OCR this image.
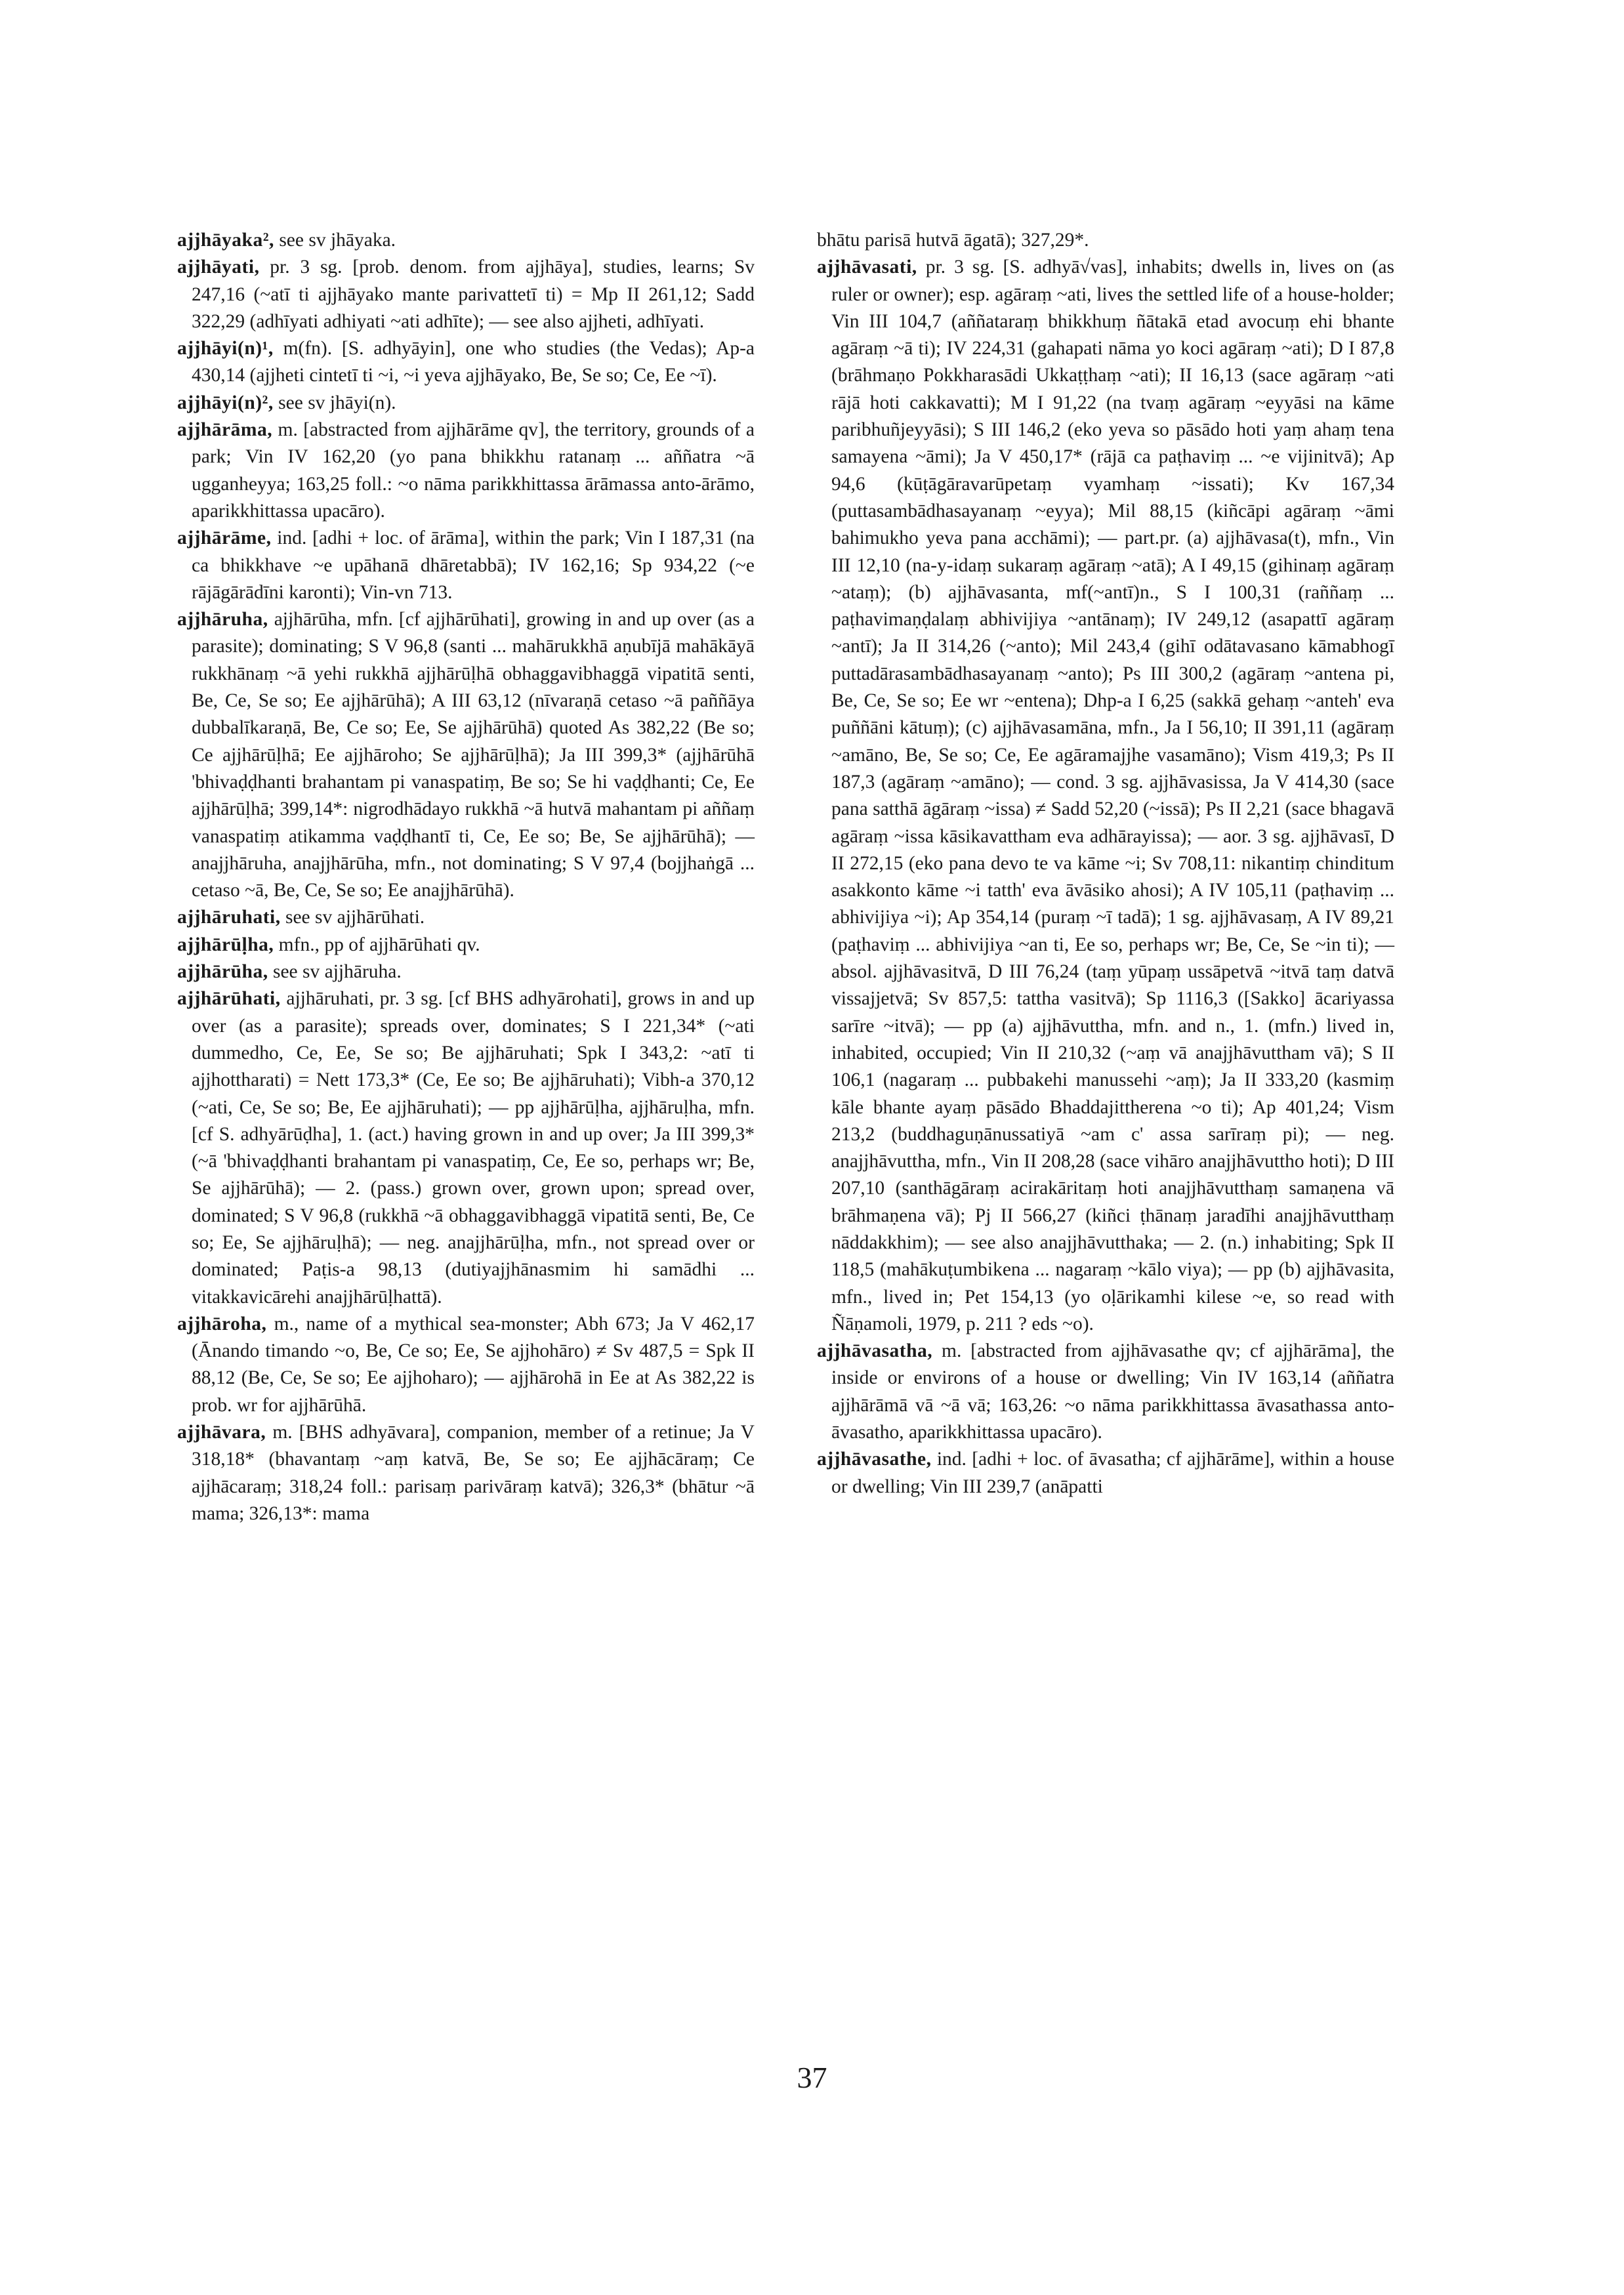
ajjhāyaka², see sv jhāyaka.

ajjhāyati, pr. 3 sg. [prob. denom. from ajjhāya], studies, learns; Sv 247,16 (~atī ti ajjhāyako mante parivattetī ti) = Mp II 261,12; Sadd 322,29 (adhīyati adhiyati ~ati adhīte); — see also ajjheti, adhīyati.

ajjhāyi(n)¹, m(fn). [S. adhyāyin], one who studies (the Vedas); Ap-a 430,14 (ajjheti cintetī ti ~i, ~i yeva ajjhāyako, Be, Se so; Ce, Ee ~ī).

ajjhāyi(n)², see sv jhāyi(n).

ajjhārāma, m. [abstracted from ajjhārāme qv], the territory, grounds of a park; Vin IV 162,20 (yo pana bhikkhu ratanaṃ ... aññatra ~ā ugganheyya; 163,25 foll.: ~o nāma parikkhittassa ārāmassa anto-ārāmo, aparikkhittassa upacāro).

ajjhārāme, ind. [adhi + loc. of ārāma], within the park; Vin I 187,31 (na ca bhikkhave ~e upāhanā dhāretabbā); IV 162,16; Sp 934,22 (~e rājāgārādīni karonti); Vin-vn 713.

ajjhāruha, ajjhārūha, mfn. [cf ajjhārūhati], growing in and up over (as a parasite); dominating; S V 96,8 (santi ... mahārukkhā aṇubījā mahākāyā rukkhānaṃ ~ā yehi rukkhā ajjhārūḷhā obhaggavibhaggā vipatitā senti, Be, Ce, Se so; Ee ajjhārūhā); A III 63,12 (nīvaraṇā cetaso ~ā paññāya dubbalīkaraṇā, Be, Ce so; Ee, Se ajjhārūhā) quoted As 382,22 (Be so; Ce ajjhārūḷhā; Ee ajjhāroho; Se ajjhārūḷhā); Ja III 399,3* (ajjhārūhā 'bhivaḍḍhanti brahantam pi vanaspatiṃ, Be so; Se hi vaḍḍhanti; Ce, Ee ajjhārūḷhā; 399,14*: nigrodhādayo rukkhā ~ā hutvā mahantam pi aññaṃ vanaspatiṃ atikamma vaḍḍhantī ti, Ce, Ee so; Be, Se ajjhārūhā); — anajjhāruha, anajjhārūha, mfn., not dominating; S V 97,4 (bojjhaṅgā ... cetaso ~ā, Be, Ce, Se so; Ee anajjhārūhā).

ajjhāruhati, see sv ajjhārūhati.

ajjhārūḷha, mfn., pp of ajjhārūhati qv.

ajjhārūha, see sv ajjhāruha.

ajjhārūhati, ajjhāruhati, pr. 3 sg. [cf BHS adhyārohati], grows in and up over (as a parasite); spreads over, dominates; S I 221,34* (~ati dummedho, Ce, Ee, Se so; Be ajjhāruhati; Spk I 343,2: ~atī ti ajjhottharati) = Nett 173,3* (Ce, Ee so; Be ajjhāruhati); Vibh-a 370,12 (~ati, Ce, Se so; Be, Ee ajjhāruhati); — pp ajjhārūḷha, ajjhāruḷha, mfn. [cf S. adhyārūḍha], 1. (act.) having grown in and up over; Ja III 399,3* (~ā 'bhivaḍḍhanti brahantam pi vanaspatiṃ, Ce, Ee so, perhaps wr; Be, Se ajjhārūhā); — 2. (pass.) grown over, grown upon; spread over, dominated; S V 96,8 (rukkhā ~ā obhaggavibhaggā vipatitā senti, Be, Ce so; Ee, Se ajjhāruḷhā); — neg. anajjhārūḷha, mfn., not spread over or dominated; Paṭis-a 98,13 (dutiyajjhānasmim hi samādhi ... vitakkavicārehi anajjhārūḷhattā).

ajjhāroha, m., name of a mythical sea-monster; Abh 673; Ja V 462,17 (Ānando timando ~o, Be, Ce so; Ee, Se ajjhohāro) ≠ Sv 487,5 = Spk II 88,12 (Be, Ce, Se so; Ee ajjhoharo); — ajjhārohā in Ee at As 382,22 is prob. wr for ajjhārūhā.

ajjhāvara, m. [BHS adhyāvara], companion, member of a retinue; Ja V 318,18* (bhavantaṃ ~aṃ katvā, Be, Se so; Ee ajjhācāraṃ; Ce ajjhācaraṃ; 318,24 foll.: parisaṃ parivāraṃ katvā); 326,3* (bhātur ~ā mama; 326,13*: mama

bhātu parisā hutvā āgatā); 327,29*.

ajjhāvasati, pr. 3 sg. [S. adhyā√vas], inhabits; dwells in, lives on (as ruler or owner); esp. agāraṃ ~ati, lives the settled life of a house-holder; Vin III 104,7 (aññataraṃ bhikkhuṃ ñātakā etad avocuṃ ehi bhante agāraṃ ~ā ti); IV 224,31 (gahapati nāma yo koci agāraṃ ~ati); D I 87,8 (brāhmaṇo Pokkharasādi Ukkaṭṭhaṃ ~ati); II 16,13 (sace agāraṃ ~ati rājā hoti cakkavatti); M I 91,22 (na tvaṃ agāraṃ ~eyyāsi na kāme paribhuñjeyyāsi); S III 146,2 (eko yeva so pāsādo hoti yaṃ ahaṃ tena samayena ~āmi); Ja V 450,17* (rājā ca paṭhaviṃ ... ~e vijinitvā); Ap 94,6 (kūṭāgāravarūpetaṃ vyamhaṃ ~issati); Kv 167,34 (puttasambādhasayanaṃ ~eyya); Mil 88,15 (kiñcāpi agāraṃ ~āmi bahimukho yeva pana acchāmi); — part.pr. (a) ajjhāvasa(t), mfn., Vin III 12,10 (na-y-idaṃ sukaraṃ agāraṃ ~atā); A I 49,15 (gihinaṃ agāraṃ ~ataṃ); (b) ajjhāvasanta, mf(~antī)n., S I 100,31 (raññaṃ ... paṭhavimaṇḍalaṃ abhivijiya ~antānaṃ); IV 249,12 (asapattī agāraṃ ~antī); Ja II 314,26 (~anto); Mil 243,4 (gihī odātavasano kāmabhogī puttadārasambādhasayanaṃ ~anto); Ps III 300,2 (agāraṃ ~antena pi, Be, Ce, Se so; Ee wr ~entena); Dhp-a I 6,25 (sakkā gehaṃ ~anteh' eva puññāni kātuṃ); (c) ajjhāvasamāna, mfn., Ja I 56,10; II 391,11 (agāraṃ ~amāno, Be, Se so; Ce, Ee agāramajjhe vasamāno); Vism 419,3; Ps II 187,3 (agāraṃ ~amāno); — cond. 3 sg. ajjhāvasissa, Ja V 414,30 (sace pana satthā āgāraṃ ~issa) ≠ Sadd 52,20 (~issā); Ps II 2,21 (sace bhagavā agāraṃ ~issa kāsikavattham eva adhārayissa); — aor. 3 sg. ajjhāvasī, D II 272,15 (eko pana devo te va kāme ~i; Sv 708,11: nikantiṃ chinditum asakkonto kāme ~i tatth' eva āvāsiko ahosi); A IV 105,11 (paṭhaviṃ ... abhivijiya ~i); Ap 354,14 (puraṃ ~ī tadā); 1 sg. ajjhāvasaṃ, A IV 89,21 (paṭhaviṃ ... abhivijiya ~an ti, Ee so, perhaps wr; Be, Ce, Se ~in ti); — absol. ajjhāvasitvā, D III 76,24 (taṃ yūpaṃ ussāpetvā ~itvā taṃ datvā vissajjetvā; Sv 857,5: tattha vasitvā); Sp 1116,3 ([Sakko] ācariyassa sarīre ~itvā); — pp (a) ajjhāvuttha, mfn. and n., 1. (mfn.) lived in, inhabited, occupied; Vin II 210,32 (~aṃ vā anajjhāvuttham vā); S II 106,1 (nagaraṃ ... pubbakehi manussehi ~aṃ); Ja II 333,20 (kasmiṃ kāle bhante ayaṃ pāsādo Bhaddajittherena ~o ti); Ap 401,24; Vism 213,2 (buddhaguṇānussatiyā ~am c' assa sarīraṃ pi); — neg. anajjhāvuttha, mfn., Vin II 208,28 (sace vihāro anajjhāvuttho hoti); D III 207,10 (santhāgāraṃ acirakāritaṃ hoti anajjhāvutthaṃ samaṇena vā brāhmaṇena vā); Pj II 566,27 (kiñci ṭhānaṃ jaradīhi anajjhāvutthaṃ nāddakkhim); — see also anajjhāvutthaka; — 2. (n.) inhabiting; Spk II 118,5 (mahākuṭumbikena ... nagaraṃ ~kālo viya); — pp (b) ajjhāvasita, mfn., lived in; Pet 154,13 (yo oḷārikamhi kilese ~e, so read with Ñāṇamoli, 1979, p. 211 ? eds ~o).

ajjhāvasatha, m. [abstracted from ajjhāvasathe qv; cf ajjhārāma], the inside or environs of a house or dwelling; Vin IV 163,14 (aññatra ajjhārāmā vā ~ā vā; 163,26: ~o nāma parikkhittassa āvasathassa anto-āvasatho, aparikkhittassa upacāro).

ajjhāvasathe, ind. [adhi + loc. of āvasatha; cf ajjhārāme], within a house or dwelling; Vin III 239,7 (anāpatti

37
